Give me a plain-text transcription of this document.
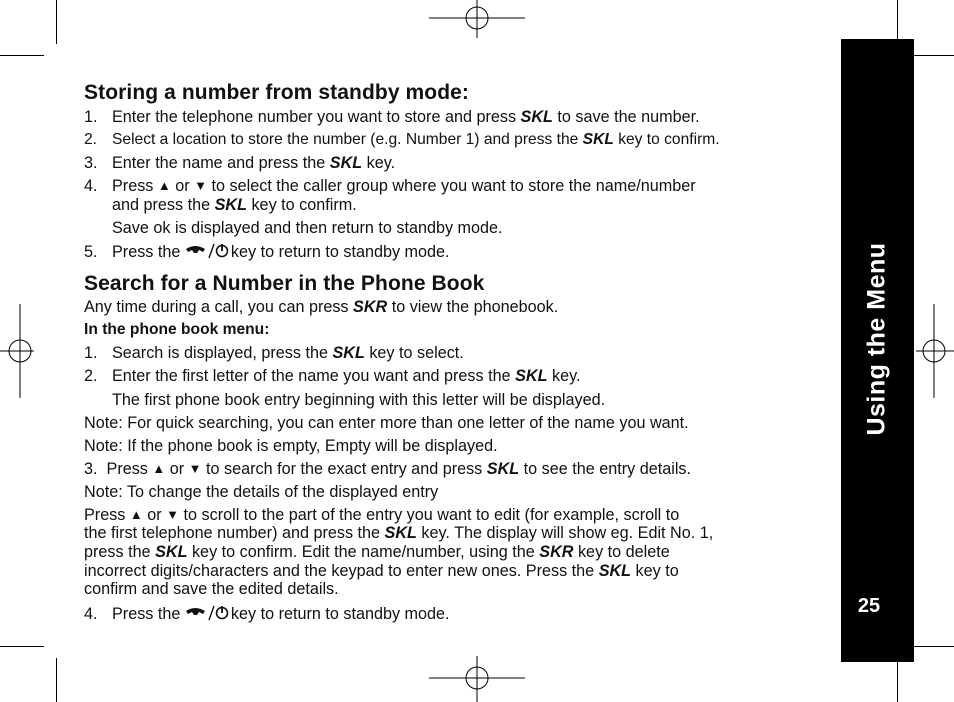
Using the Menu
25
Storing a number from standby mode:
1. Enter the telephone number you want to store and press SKL to save the number.
2. Select a location to store the number (e.g. Number 1) and press the SKL key to confirm.
3. Enter the name and press the SKL key.
4. Press ▲ or ▼ to select the caller group where you want to store the name/number
and press the SKL key to confirm.
Save ok is displayed and then return to standby mode.
5. Press the	key to return to standby mode.
Search for a Number in the Phone Book
Any time during a call, you can press SKR to view the phonebook.
In the phone book menu:
1. Search is displayed, press the SKL key to select.
2. Enter the first letter of the name you want and press the SKL key.
The first phone book entry beginning with this letter will be displayed.
Note: For quick searching, you can enter more than one letter of the name you want.
Note: If the phone book is empty, Empty will be displayed.
3. Press ▲ or ▼ to search for the exact entry and press SKL to see the entry details.
Note: To change the details of the displayed entry
Press ▲ or ▼ to scroll to the part of the entry you want to edit (for example, scroll to
the first telephone number) and press the SKL key. The display will show eg. Edit No. 1,
press the SKL key to confirm. Edit the name/number, using the SKR key to delete
incorrect digits/characters and the keypad to enter new ones. Press the SKL key to
confirm and save the edited details.
4. Press the	key to return to standby mode.
